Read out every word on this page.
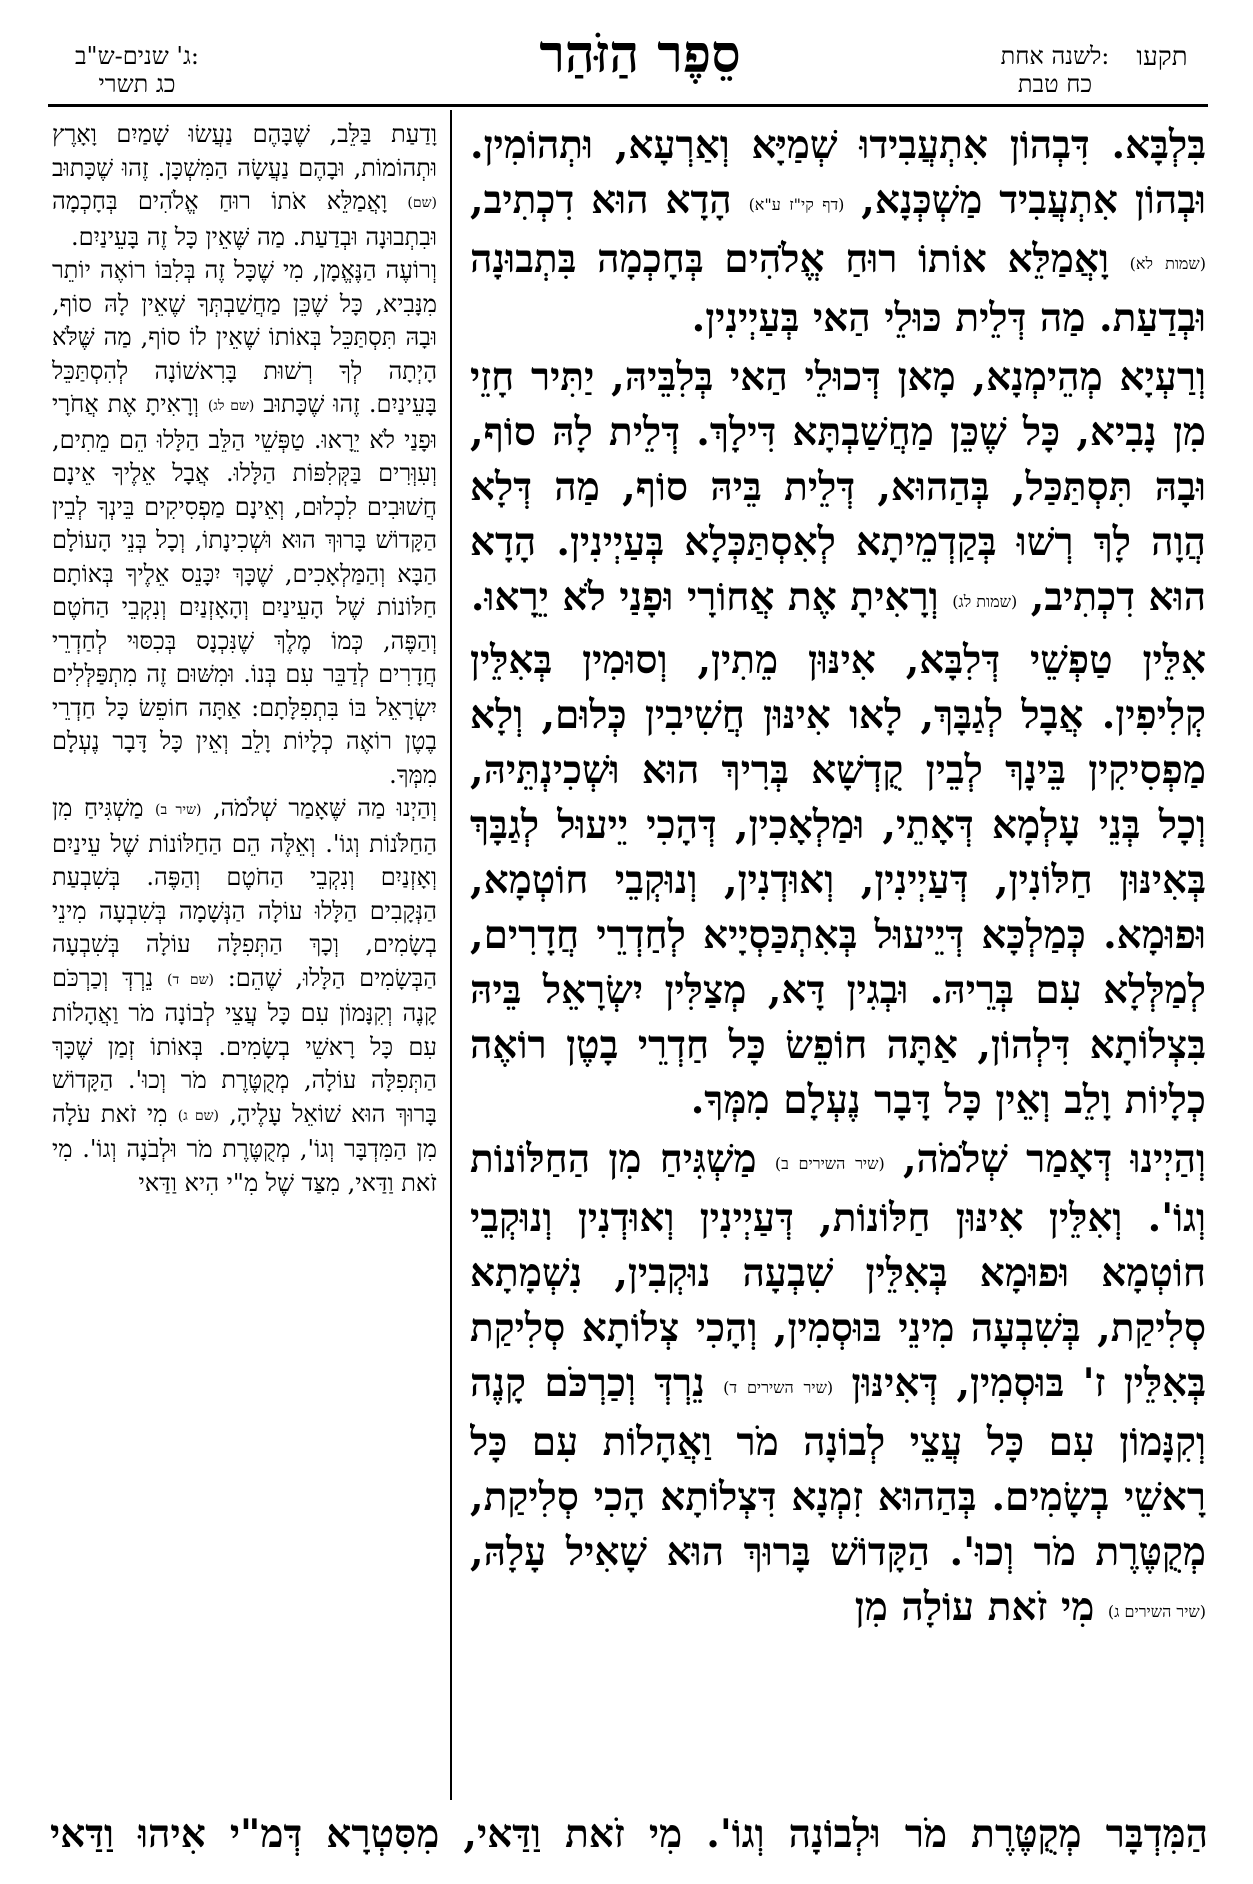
תקעו
לשנה אחת:
כח טבת
סֵפֶר הַזֹּהַר
ג' שנים-ש"ב:
כג תשרי

בִּלְבָּא. דִּבְהוֹן אִתְעֲבִידוּ שְׁמַיָּא וְאַרְעָא, וּתְהוֹמִין. וּבְהוֹן אִתְעֲבִיד מַשְׁכְּנָא, (דף קי"ז ע"א) הָדָא הוּא דִכְתִיב, (שמות לא) וָאֲמַלֵּא אוֹתוֹ רוּחַ אֱלֹהִים בְּחָכְמָה בִּתְבוּנָה וּבְדַעַת. מַה דְּלֵית כּוּלֵי הַאי בְּעַיְינִין.

וְרַעְיָא מְהֵימְנָא, מָאן דְּכוּלֵי הַאי בְּלִבֵּיהּ, יַתִּיר חָזֵי מִן נָבִיא, כָּל שֶׁכֵּן מַחֲשַׁבְתָּא דִּילָךְ. דְּלֵית לָהּ סוֹף, וּבָהּ תִּסְתַּכַּל, בְּהַהוּא, דְּלֵית בֵּיהּ סוֹף, מַה דְּלָא הֲוָה לָךְ רְשׁוּ בְּקַדְמֵיתָא לְאִסְתַּכְּלָא בְּעַיְינִין. הָדָא הוּא דִכְתִיב, (שמות לג) וְרָאִיתָ אֶת אֲחוֹרָי וּפָנַי לֹא יֵרָאוּ.

אִלֵּין טַפְשֵׁי דְּלִבָּא, אִינּוּן מֵתִין, וְסוּמִין בְּאִלֵּין קְלִיפִין. אֲבָל לְגַבָּךְ, לָאו אִינּוּן חֲשִׁיבִין כְּלוּם, וְלָא מַפְסִיקִין בֵּינָךְ לְבֵין קֻדְשָׁא בְּרִיךְ הוּא וּשְׁכִינְתֵּיהּ, וְכָל בְּנֵי עָלְמָא דְּאָתֵי, וּמַלְאָכִין, דְּהָכִי יֵיעוּל לְגַבָּךְ בְּאִינּוּן חַלּוֹנִין, דְּעַיְינִין, וְאוּדְנִין, וְנוּקְבֵי חוֹטְמָא, וּפוּמָא. כְּמַלְכָּא דְּיֵיעוּל בְּאִתְכַּסְיָיא לְחַדְרֵי חֲדָרִים, לְמַלְּלָא עִם בְּרֵיהּ. וּבְגִין דָּא, מְצַלִּין יִשְׂרָאֵל בֵּיהּ בִּצְלוֹתָא דִּלְהוֹן, אַתָּה חוֹפֵשׂ כָּל חַדְרֵי בָטֶן רוֹאֶה כְלָיוֹת וָלֵב וְאֵין כָּל דָּבָר נֶעְלָם מִמְּךָ.

וְהַיְינוּ דְּאָמַר שְׁלֹמֹה, (שיר השירים ב) מַשְׁגִּיחַ מִן הַחַלּוֹנוֹת וְגוֹ'. וְאִלֵּין אִינּוּן חַלּוֹנוֹת, דְּעַיְינִין וְאוּדְנִין וְנוּקְבֵי חוֹטְמָא וּפוּמָא בְּאִלֵּין שִׁבְעָה נוּקְבִין, נִשְׁמָתָא סְלִיקַת, בְּשִׁבְעָה מִינֵי בּוּסְמִין, וְהָכִי צְלוֹתָא סְלִיקַת בְּאִלֵּין ז' בּוּסְמִין, דְּאִינּוּן (שיר השירים ד) נֵרְדְּ וְכַרְכֹּם קָנֶה וְקִנָּמוֹן עִם כָּל עֲצֵי לְבוֹנָה מֹר וַאֲהָלוֹת עִם כָּל רָאשֵׁי בְשָׂמִים. בְּהַהוּא זִמְנָא דִּצְלוֹתָא הָכִי סְלִיקַת, מְקֻטֶּרֶת מֹר וְכוּ'. הַקָּדוֹשׁ בָּרוּךְ הוּא שָׁאִיל עָלָהּ, (שיר השירים ג) מִי זֹאת עוֹלָה מִן

וָדַעַת בַּלֵּב, שֶׁבָּהֶם נַעֲשׂוּ שָׁמַיִם וָאָרֶץ וּתְהוֹמוֹת, וּבָהֶם נַעֲשָׂה הַמִּשְׁכָּן. זֶהוּ שֶׁכָּתוּב (שם) וָאֲמַלֵּא אֹתוֹ רוּחַ אֱלֹהִים בְּחָכְמָה וּבִתְבוּנָה וּבְדַעַת. מַה שֶּׁאֵין כָּל זֶה בָּעֵינַיִם.

וְרוֹעֶה הַנֶּאֱמָן, מִי שֶׁכָּל זֶה בְּלִבּוֹ רוֹאֶה יוֹתֵר מִנָּבִיא, כָּל שֶׁכֵּן מַחֲשַׁבְתְּךָ שֶׁאֵין לָהּ סוֹף, וּבָהּ תִּסְתַּכֵּל בְּאוֹתוֹ שֶׁאֵין לוֹ סוֹף, מַה שֶּׁלֹּא הָיְתָה לְךָ רְשׁוּת בָּרִאשׁוֹנָה לְהִסְתַּכֵּל בָּעֵינַיִם. זֶהוּ שֶׁכָּתוּב (שם לג) וְרָאִיתָ אֶת אֲחֹרָי וּפָנַי לֹא יֵרָאוּ. טַפְּשֵׁי הַלֵּב הַלָּלוּ הֵם מֵתִים, וְעִוְּרִים בַּקְּלִפּוֹת הַלָּלוּ. אֲבָל אֵלֶיךָ אֵינָם חֲשׁוּבִים לִכְלוּם, וְאֵינָם מַפְסִיקִים בֵּינְךָ לְבֵין הַקָּדוֹשׁ בָּרוּךְ הוּא וּשְׁכִינָתוֹ, וְכָל בְּנֵי הָעוֹלָם הַבָּא וְהַמַּלְאָכִים, שֶׁכָּךְ יִכָּנֵס אֵלֶיךָ בְּאוֹתָם חַלּוֹנוֹת שֶׁל הָעֵינַיִם וְהָאָזְנַיִם וְנִקְבֵי הַחֹטֶם וְהַפֶּה, כְּמוֹ מֶלֶךְ שֶׁנִּכְנָס בְּכִסּוּי לְחַדְרֵי חֲדָרִים לְדַבֵּר עִם בְּנוֹ. וּמִשּׁוּם זֶה מִתְפַּלְּלִים יִשְׂרָאֵל בּוֹ בִּתְפִלָּתָם: אַתָּה חוֹפֵשׂ כָּל חַדְרֵי בֶטֶן רוֹאֶה כְלָיוֹת וָלֵב וְאֵין כָּל דָּבָר נֶעְלָם מִמְּךָ.

וְהַיְנוּ מַה שֶּׁאָמַר שְׁלֹמֹה, (שיר ב) מַשְׁגִּיחַ מִן הַחַלֹּנוֹת וְגוֹ'. וְאֵלֶּה הֵם הַחַלּוֹנוֹת שֶׁל עֵינַיִם וְאָזְנַיִם וְנִקְבֵי הַחֹטֶם וְהַפֶּה. בְּשִׁבְעַת הַנְּקָבִים הַלָּלוּ עוֹלָה הַנְּשָׁמָה בְּשִׁבְעָה מִינֵי בְשָׂמִים, וְכָךְ הַתְּפִלָּה עוֹלָה בְּשִׁבְעָה הַבְּשָׂמִים הַלָּלוּ, שֶׁהֵם: (שם ד) נֵרְדְּ וְכַרְכֹּם קָנֶה וְקִנָּמוֹן עִם כָּל עֲצֵי לְבוֹנָה מֹר וַאֲהָלוֹת עִם כָּל רָאשֵׁי בְשָׂמִים. בְּאוֹתוֹ זְמַן שֶׁכָּךְ הַתְּפִלָּה עוֹלָה, מְקֻטֶּרֶת מֹר וְכוּ'. הַקָּדוֹשׁ בָּרוּךְ הוּא שׁוֹאֵל עָלֶיהָ, (שם ג) מִי זֹאת עֹלָה מִן הַמִּדְבָּר וְגוֹ', מְקֻטֶּרֶת מֹר וּלְבֹנָה וְגוֹ'. מִי זֹאת וַדַּאי, מִצַּד שֶׁל מִ"י הִיא וַדַּאי

הַמִּדְבָּר מְקֻטֶּרֶת מֹר וּלְבוֹנָה וְגוֹ'. מִי זֹאת וַדַּאי, מִסִּטְרָא דְּמ"י אִיהוּ וַדַּאי
